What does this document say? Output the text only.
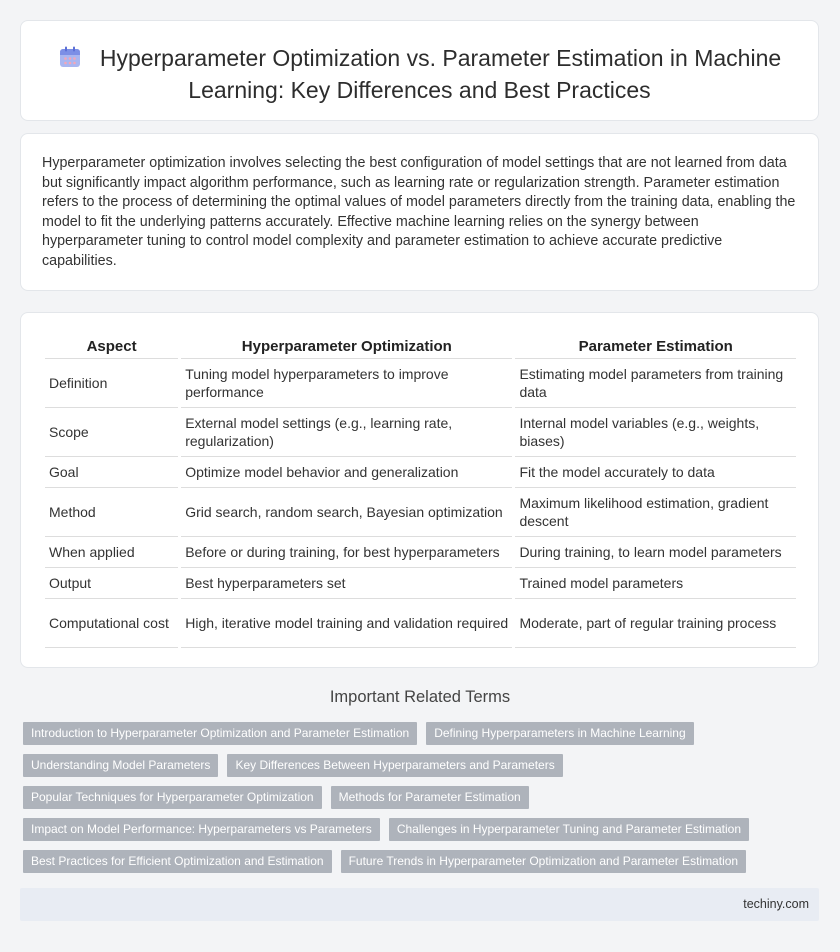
Hyperparameter Optimization vs. Parameter Estimation in Machine Learning: Key Differences and Best Practices
Hyperparameter optimization involves selecting the best configuration of model settings that are not learned from data but significantly impact algorithm performance, such as learning rate or regularization strength. Parameter estimation refers to the process of determining the optimal values of model parameters directly from the training data, enabling the model to fit the underlying patterns accurately. Effective machine learning relies on the synergy between hyperparameter tuning to control model complexity and parameter estimation to achieve accurate predictive capabilities.
Aspect	Hyperparameter Optimization	Parameter Estimation
Definition	Tuning model hyperparameters to improve performance	Estimating model parameters from training data
Scope	External model settings (e.g., learning rate, regularization)	Internal model variables (e.g., weights, biases)
Goal	Optimize model behavior and generalization	Fit the model accurately to data
Method	Grid search, random search, Bayesian optimization	Maximum likelihood estimation, gradient descent
When applied	Before or during training, for best hyperparameters	During training, to learn model parameters
Output	Best hyperparameters set	Trained model parameters
Computational cost	High, iterative model training and validation required	Moderate, part of regular training process
Important Related Terms
Introduction to Hyperparameter Optimization and Parameter Estimation	Defining Hyperparameters in Machine Learning
Understanding Model Parameters	Key Differences Between Hyperparameters and Parameters
Popular Techniques for Hyperparameter Optimization	Methods for Parameter Estimation
Impact on Model Performance: Hyperparameters vs Parameters	Challenges in Hyperparameter Tuning and Parameter Estimation
Best Practices for Efficient Optimization and Estimation	Future Trends in Hyperparameter Optimization and Parameter Estimation
techiny.com
